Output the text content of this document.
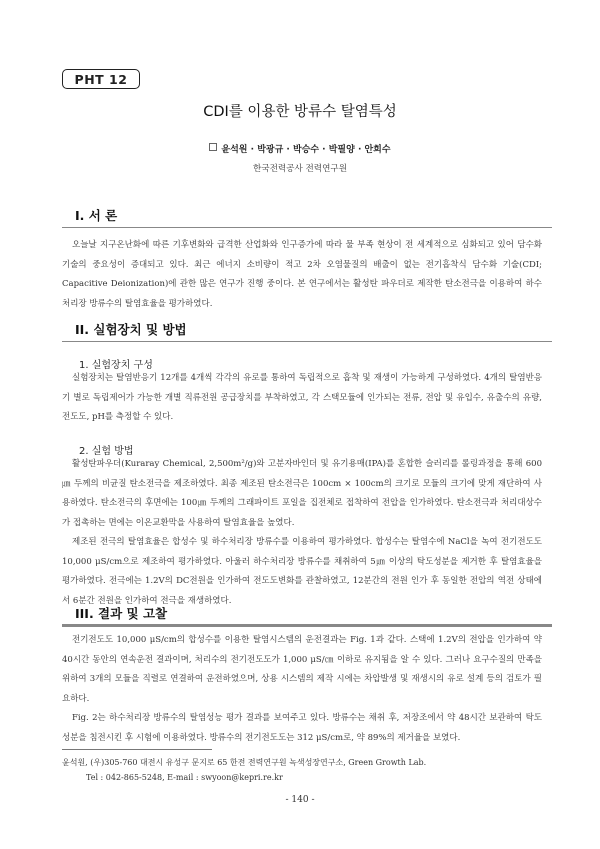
PHT 12
CDI를 이용한 방류수 탈염특성
윤석원 · 박광규 · 박승수 · 박필양 · 안희수
한국전력공사 전력연구원
I. 서 론

오늘날 지구온난화에 따른 기후변화와 급격한 산업화와 인구증가에 따라 물 부족 현상이 전 세계적으로 심화되고 있어 담수화 기술의 중요성이 증대되고 있다. 최근 에너지 소비량이 적고 2차 오염물질의 배출이 없는 전기흡착식 담수화 기술(CDI; Capacitive Deionization)에 관한 많은 연구가 진행 중이다. 본 연구에서는 활성탄 파우더로 제작한 탄소전극을 이용하여 하수처리장 방류수의 탈염효율을 평가하였다.

II. 실험장치 및 방법
1. 실험장치 구성

실험장치는 탈염반응기 12개를 4개씩 각각의 유로를 통하여 독립적으로 흡착 및 재생이 가능하게 구성하였다. 4개의 탈염반응기 별로 독립제어가 가능한 개별 직류전원 공급장치를 부착하였고, 각 스택모듈에 인가되는 전류, 전압 및 유입수, 유출수의 유량, 전도도, pH를 측정할 수 있다.

2. 실험 방법

활성탄파우더(Kuraray Chemical, 2,500m²/g)와 고분자바인더 및 유기용매(IPA)를 혼합한 슬러리를 롤링과정을 통해 600㎛ 두께의 비균질 탄소전극을 제조하였다. 최종 제조된 탄소전극은 100cm × 100cm의 크기로 모듈의 크기에 맞게 재단하여 사용하였다. 탄소전극의 후면에는 100㎛ 두께의 그래파이트 포일을 집전체로 접착하여 전압을 인가하였다. 탄소전극과 처리대상수가 접촉하는 면에는 이온교환막을 사용하여 탈염효율을 높였다.

제조된 전극의 탈염효율은 합성수 및 하수처리장 방류수를 이용하여 평가하였다. 합성수는 탈염수에 NaCl을 녹여 전기전도도 10,000 μS/cm으로 제조하여 평가하였다. 아울러 하수처리장 방류수를 채취하여 5㎛ 이상의 탁도성분을 제거한 후 탈염효율을 평가하였다. 전극에는 1.2V의 DC전원을 인가하여 전도도변화를 관찰하였고, 12분간의 전원 인가 후 동일한 전압의 역전 상태에서 6분간 전원을 인가하여 전극을 재생하였다.

III. 결과 및 고찰

전기전도도 10,000 μS/cm의 합성수를 이용한 탈염시스템의 운전결과는 Fig. 1과 같다. 스택에 1.2V의 전압을 인가하여 약 40시간 동안의 연속운전 결과이며, 처리수의 전기전도도가 1,000 μS/㎝ 이하로 유지됨을 알 수 있다. 그러나 요구수질의 만족을 위하여 3개의 모듈을 직렬로 연결하여 운전하였으며, 상용 시스템의 제작 시에는 차압발생 및 재생시의 유로 설계 등의 검토가 필요하다.

Fig. 2는 하수처리장 방류수의 탈염성능 평가 결과를 보여주고 있다. 방류수는 채취 후, 저장조에서 약 48시간 보관하여 탁도 성분을 침전시킨 후 시험에 이용하였다. 방류수의 전기전도도는 312 μS/cm로, 약 89%의 제거율을 보였다.

윤석원, (우)305-760 대전시 유성구 문지로 65 한전 전력연구원 녹색성장연구소, Green Growth Lab.
Tel : 042-865-5248, E-mail : swyoon@kepri.re.kr
- 140 -
